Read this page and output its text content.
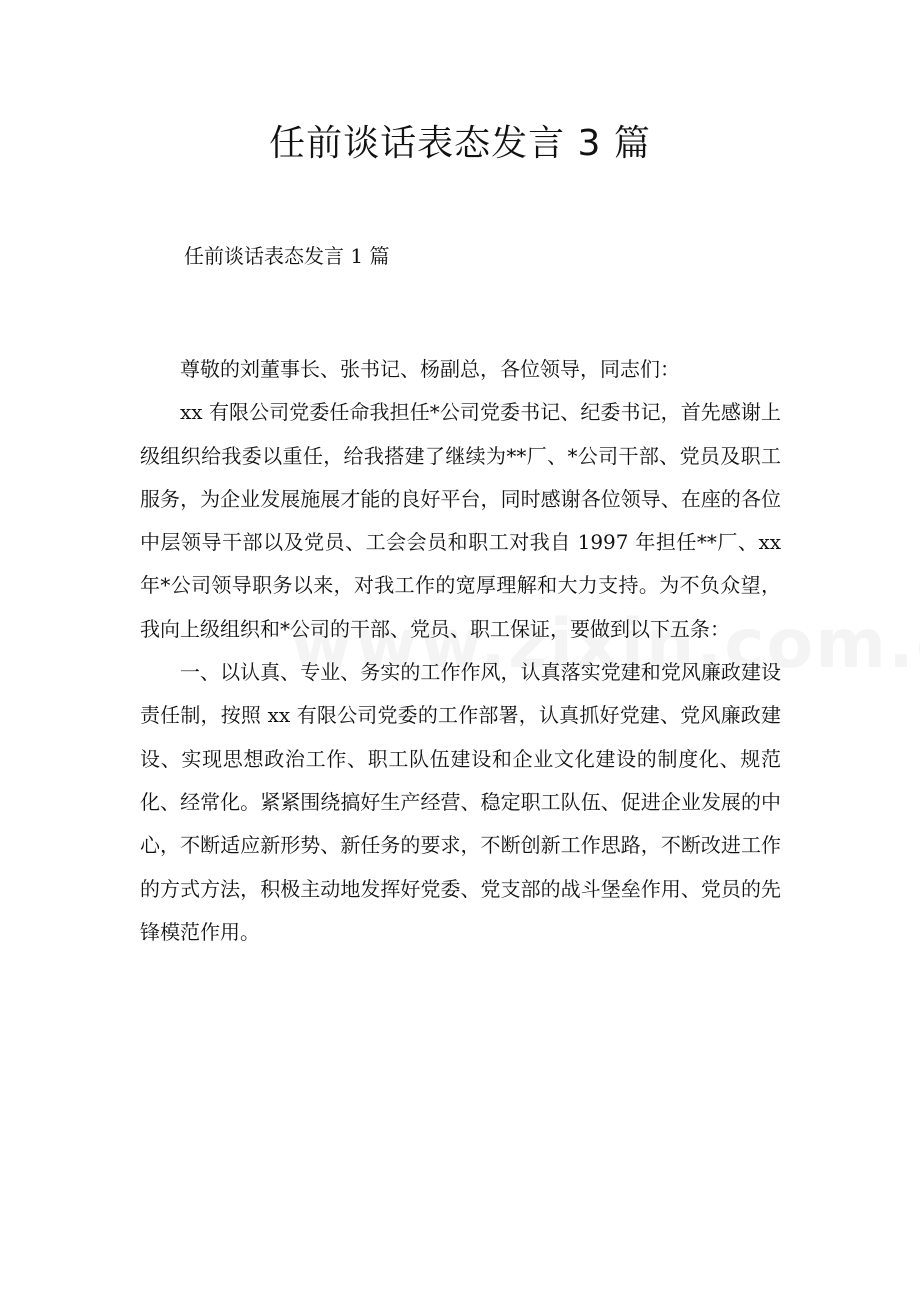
任前谈话表态发言 3 篇

任前谈话表态发言 1 篇

尊敬的刘董事长、张书记、杨副总，各位领导，同志们：

xx 有限公司党委任命我担任*公司党委书记、纪委书记，首先感谢上级组织给我委以重任，给我搭建了继续为**厂、*公司干部、党员及职工服务，为企业发展施展才能的良好平台，同时感谢各位领导、在座的各位中层领导干部以及党员、工会会员和职工对我自 1997 年担任**厂、xx 年*公司领导职务以来，对我工作的宽厚理解和大力支持。为不负众望，我向上级组织和*公司的干部、党员、职工保证，要做到以下五条：

一、以认真、专业、务实的工作作风，认真落实党建和党风廉政建设责任制，按照 xx 有限公司党委的工作部署，认真抓好党建、党风廉政建设、实现思想政治工作、职工队伍建设和企业文化建设的制度化、规范化、经常化。紧紧围绕搞好生产经营、稳定职工队伍、促进企业发展的中心，不断适应新形势、新任务的要求，不断创新工作思路，不断改进工作的方式方法，积极主动地发挥好党委、党支部的战斗堡垒作用、党员的先锋模范作用。
